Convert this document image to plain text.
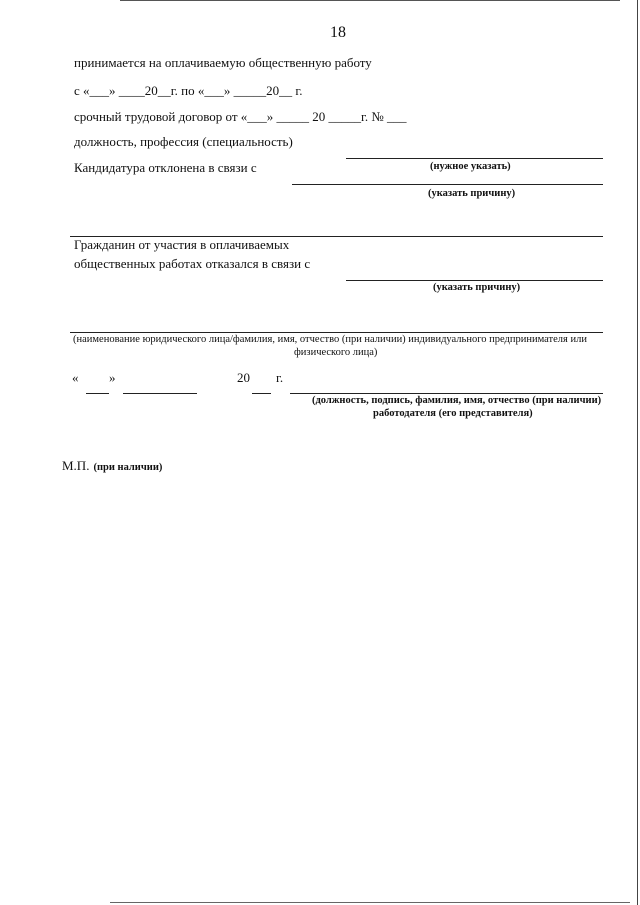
18
принимается на оплачиваемую общественную работу
с «___» ____20__г. по «___» _____20__ г.
срочный трудовой договор от «___» _____ 20 _____г. № ___
должность, профессия (специальность)
Кандидатура отклонена в связи с	(нужное указать)
(указать причину)
Гражданин от участия в оплачиваемых
общественных работах отказался в связи с
(указать причину)
(наименование юридического лица/фамилия, имя, отчество (при наличии) индивидуального предпринимателя или
физического лица)
« »	20 г.
(должность, подпись, фамилия, имя, отчество (при наличии)
работодателя (его представителя)
М.П. (при наличии)
